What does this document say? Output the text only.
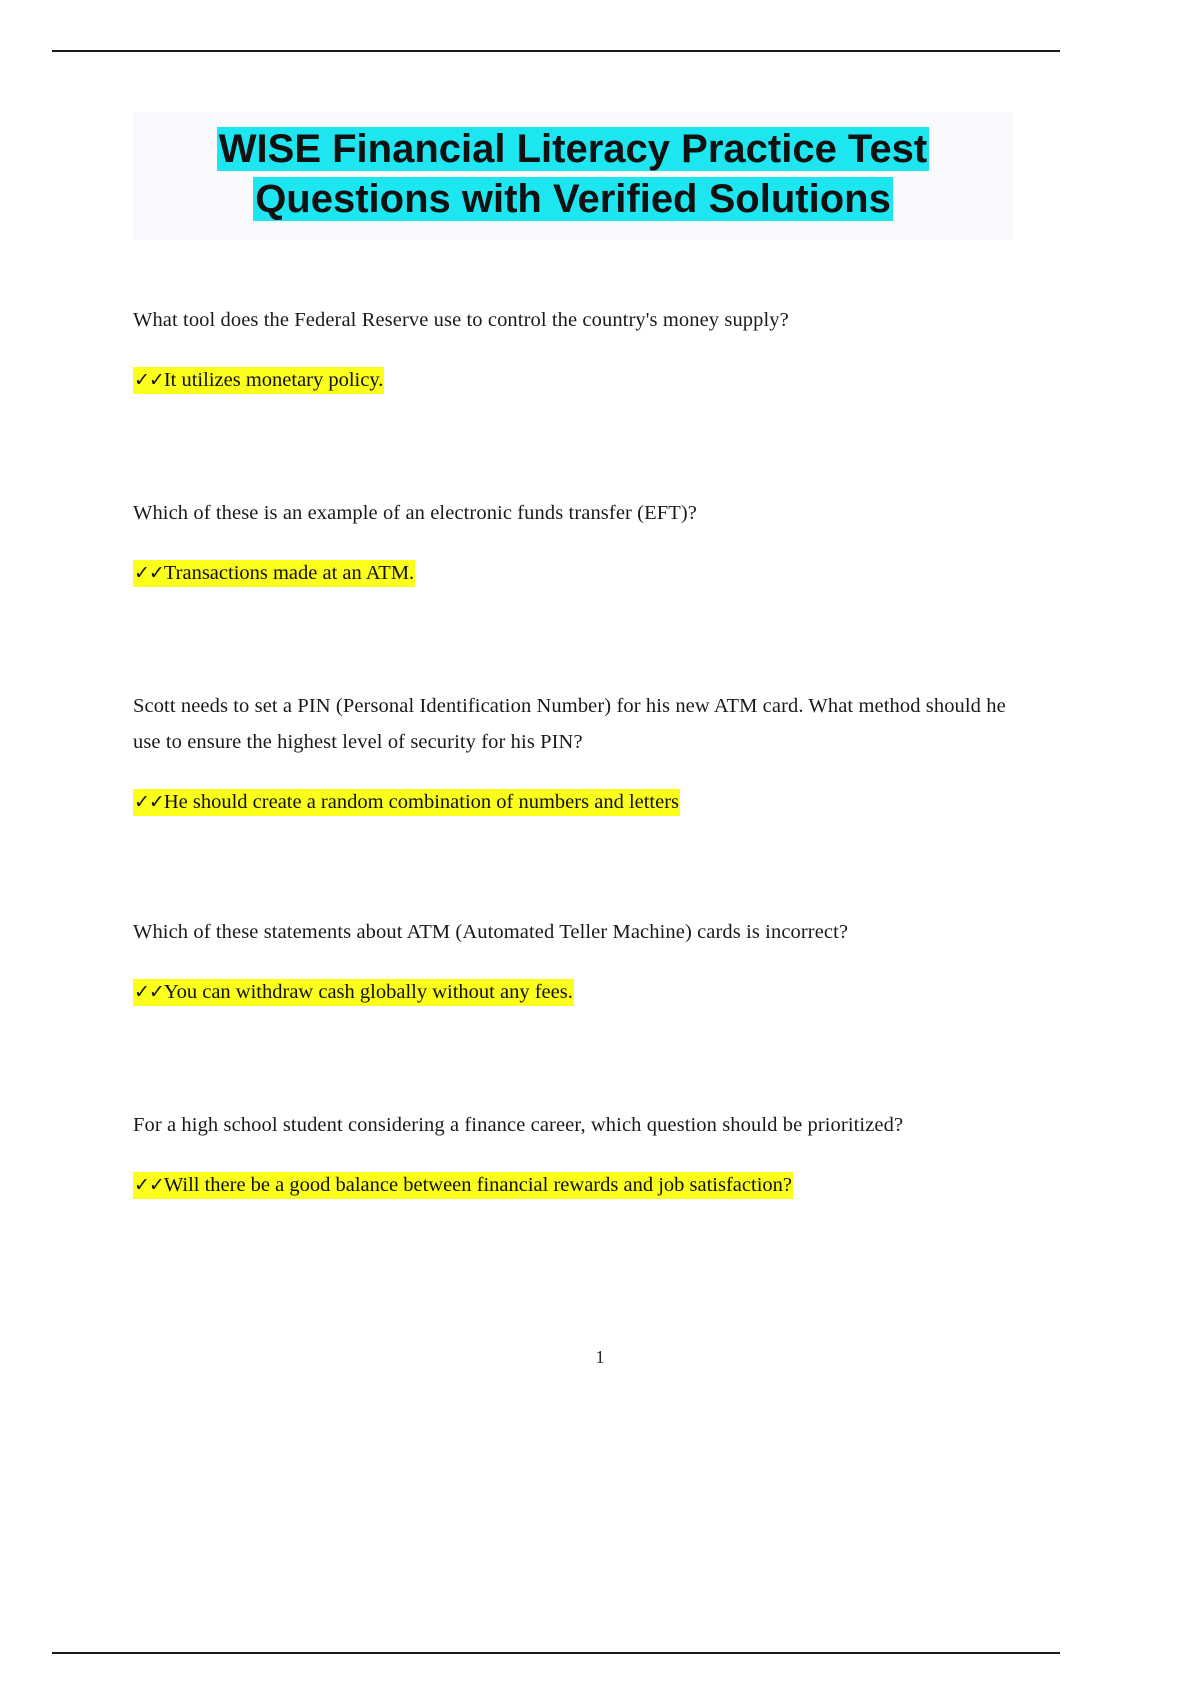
WISE Financial Literacy Practice Test
Questions with Verified Solutions

What tool does the Federal Reserve use to control the country's money supply?

✓✓It utilizes monetary policy.

Which of these is an example of an electronic funds transfer (EFT)?

✓✓Transactions made at an ATM.

Scott needs to set a PIN (Personal Identification Number) for his new ATM card. What method should he use to ensure the highest level of security for his PIN?

✓✓He should create a random combination of numbers and letters

Which of these statements about ATM (Automated Teller Machine) cards is incorrect?

✓✓You can withdraw cash globally without any fees.

For a high school student considering a finance career, which question should be prioritized?

✓✓Will there be a good balance between financial rewards and job satisfaction?

1
